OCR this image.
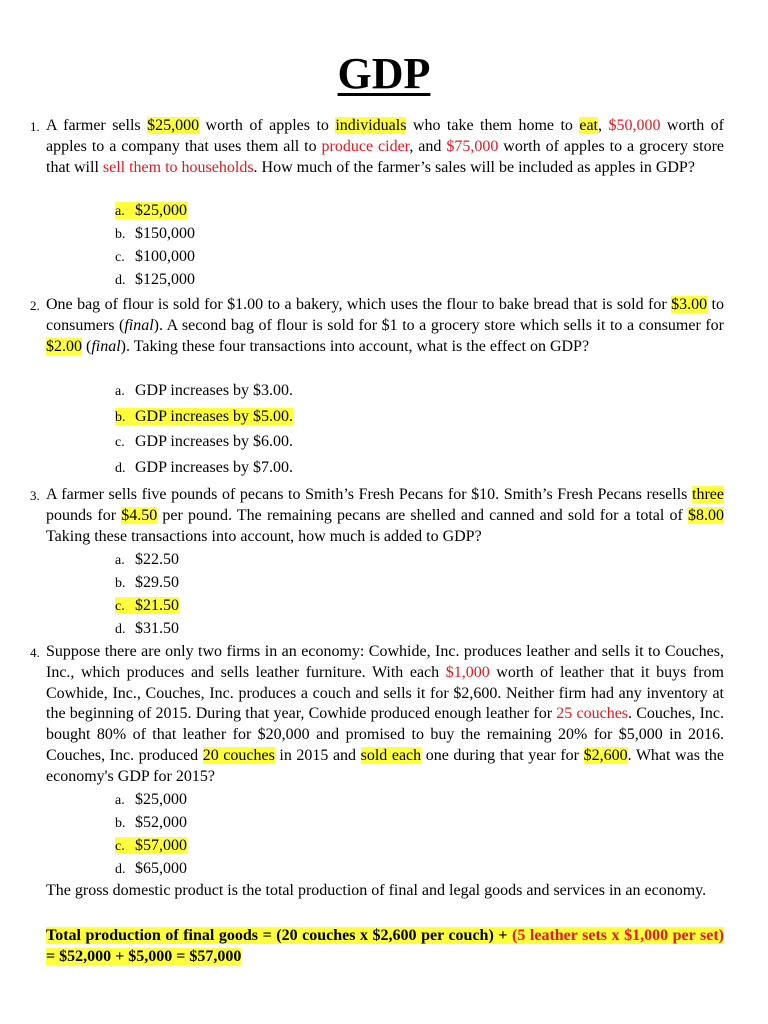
GDP
1. A farmer sells $25,000 worth of apples to individuals who take them home to eat, $50,000 worth of apples to a company that uses them all to produce cider, and $75,000 worth of apples to a grocery store that will sell them to households. How much of the farmer’s sales will be included as apples in GDP?
a. $25,000
b. $150,000
c. $100,000
d. $125,000
2. One bag of flour is sold for $1.00 to a bakery, which uses the flour to bake bread that is sold for $3.00 to consumers (final). A second bag of flour is sold for $1 to a grocery store which sells it to a consumer for $2.00 (final). Taking these four transactions into account, what is the effect on GDP?
a. GDP increases by $3.00.
b. GDP increases by $5.00.
c. GDP increases by $6.00.
d. GDP increases by $7.00.
3. A farmer sells five pounds of pecans to Smith’s Fresh Pecans for $10. Smith’s Fresh Pecans resells three pounds for $4.50 per pound. The remaining pecans are shelled and canned and sold for a total of $8.00 Taking these transactions into account, how much is added to GDP?
a. $22.50
b. $29.50
c. $21.50
d. $31.50
4. Suppose there are only two firms in an economy: Cowhide, Inc. produces leather and sells it to Couches, Inc., which produces and sells leather furniture. With each $1,000 worth of leather that it buys from Cowhide, Inc., Couches, Inc. produces a couch and sells it for $2,600. Neither firm had any inventory at the beginning of 2015. During that year, Cowhide produced enough leather for 25 couches. Couches, Inc. bought 80% of that leather for $20,000 and promised to buy the remaining 20% for $5,000 in 2016. Couches, Inc. produced 20 couches in 2015 and sold each one during that year for $2,600. What was the economy's GDP for 2015?
a. $25,000
b. $52,000
c. $57,000
d. $65,000
The gross domestic product is the total production of final and legal goods and services in an economy.
Total production of final goods = (20 couches x $2,600 per couch) + (5 leather sets x $1,000 per set) = $52,000 + $5,000 = $57,000
